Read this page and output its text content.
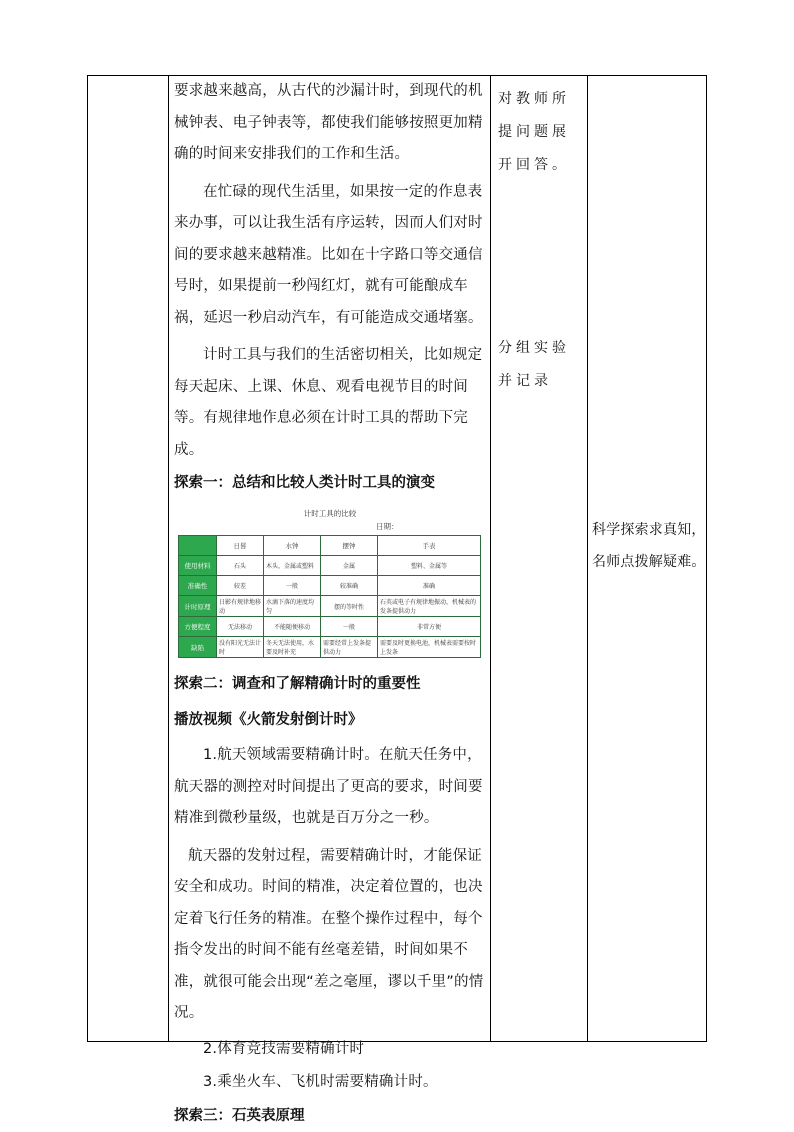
要求越来越高，从古代的沙漏计时，到现代的机械钟表、电子钟表等，都使我们能够按照更加精确的时间来安排我们的工作和生活。

在忙碌的现代生活里，如果按一定的作息表来办事，可以让我生活有序运转，因而人们对时间的要求越来越精准。比如在十字路口等交通信号时，如果提前一秒闯红灯，就有可能酿成车祸，延迟一秒启动汽车，有可能造成交通堵塞。

计时工具与我们的生活密切相关，比如规定每天起床、上课、休息、观看电视节目的时间等。有规律地作息必须在计时工具的帮助下完成。

探索一：总结和比较人类计时工具的演变

计时工具的比较
日期：
	日晷	水钟	摆钟	手表
使用材料	石头	木头、金属或塑料	金属	塑料、金属等
准确性	较差	一般	较准确	准确
计时原理	日影有规律地移动	水滴下落的速度均匀	摆的等时性	石英或电子有规律地振动，机械表的发条提供动力
方便程度	无法移动	不能随便移动	一般	非常方便
缺陷	没有阳光无法计时	冬天无法使用，水要及时补充	需要经常上发条提供动力	需要及时更换电池，机械表需要按时上发条

探索二：调查和了解精确计时的重要性

播放视频《火箭发射倒计时》

1.航天领域需要精确计时。在航天任务中，航天器的测控对时间提出了更高的要求，时间要精准到微秒量级，也就是百万分之一秒。

航天器的发射过程，需要精确计时，才能保证安全和成功。时间的精准，决定着位置的，也决定着飞行任务的精准。在整个操作过程中，每个指令发出的时间不能有丝毫差错，时间如果不准，就很可能会出现“差之毫厘，谬以千里”的情况。

2.体育竞技需要精确计时

3.乘坐火车、飞机时需要精确计时。

探索三：石英表原理

对教师所提问题展开回答。

分组实验并记录

科学探索求真知，名师点拨解疑难。
